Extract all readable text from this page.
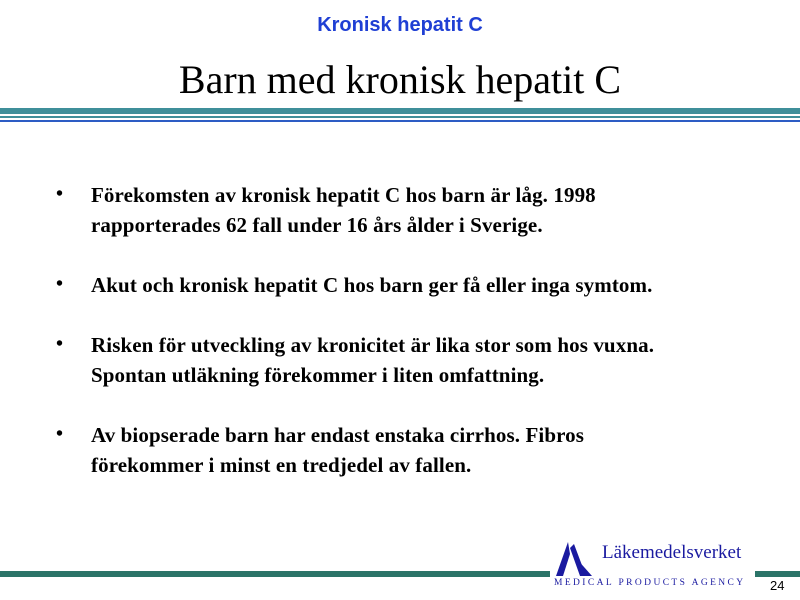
Kronisk hepatit C
Barn med kronisk hepatit C
• Förekomsten av kronisk hepatit C hos barn är låg. 1998
rapporterades 62 fall under 16 års ålder i Sverige.
• Akut och kronisk hepatit C hos barn ger få eller inga symtom.
• Risken för utveckling av kronicitet är lika stor som hos vuxna.
Spontan utläkning förekommer i liten omfattning.
• Av biopserade barn har endast enstaka cirrhos. Fibros
förekommer i minst en tredjedel av fallen.
Läkemedelsverket
MEDICAL PRODUCTS AGENCY 24
